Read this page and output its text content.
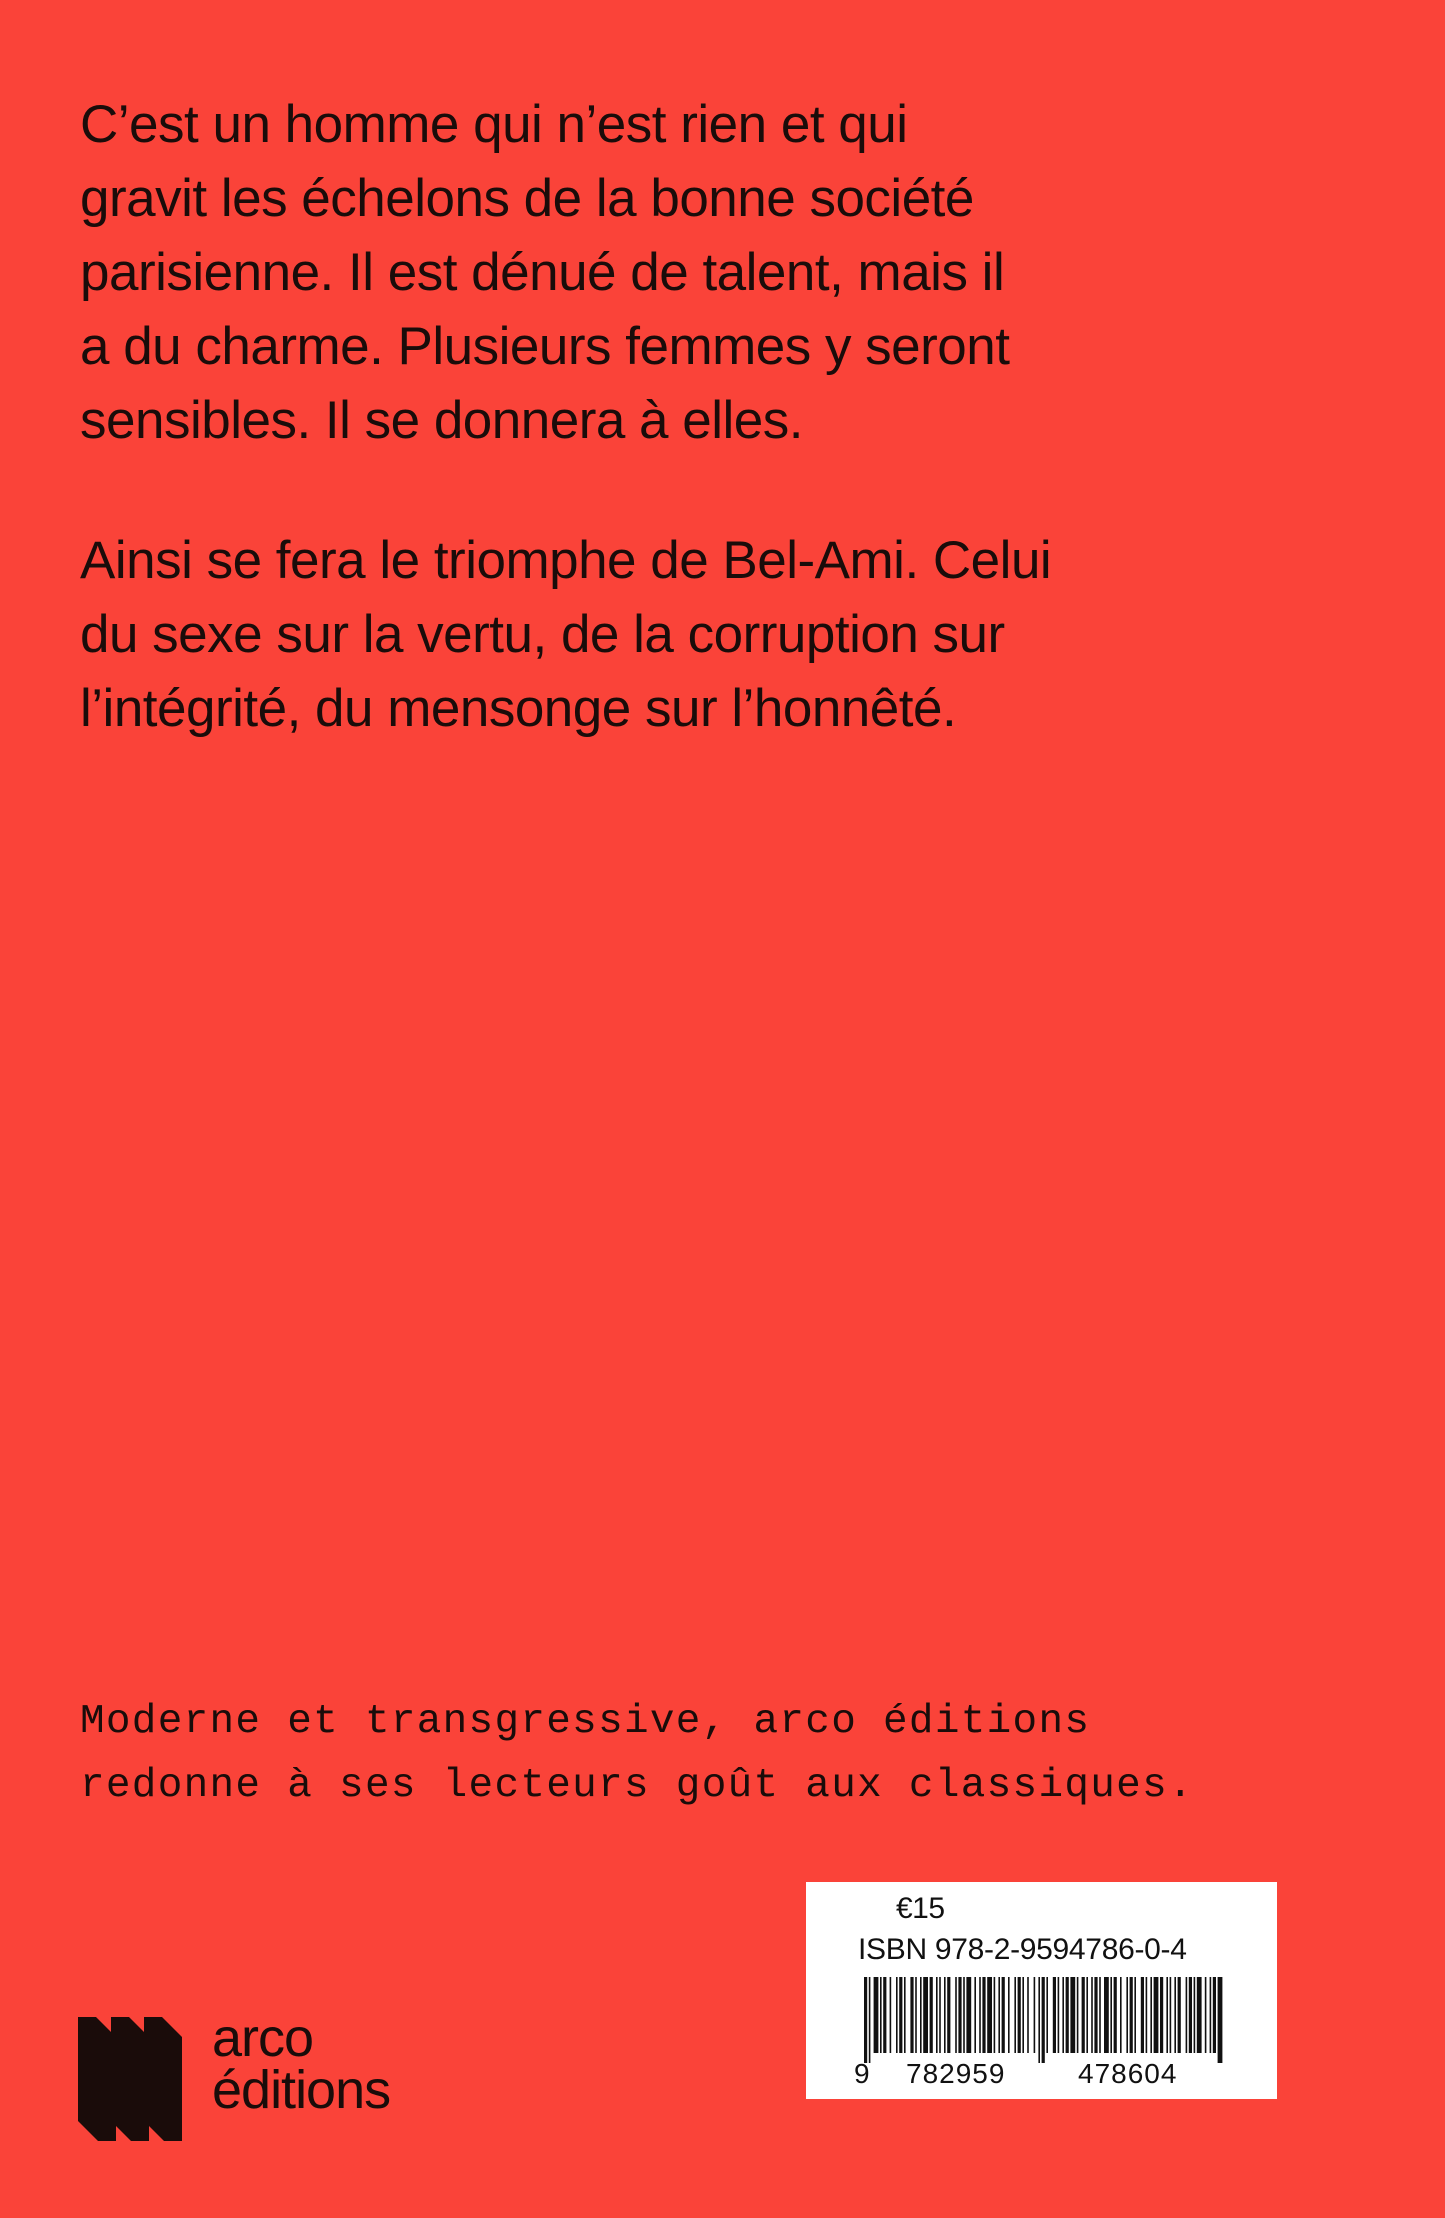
C’est un homme qui n’est rien et qui
gravit les échelons de la bonne société
parisienne. Il est dénué de talent, mais il
a du charme. Plusieurs femmes y seront
sensibles. Il se donnera à elles.

Ainsi se fera le triomphe de Bel-Ami. Celui
du sexe sur la vertu, de la corruption sur
l’intégrité, du mensonge sur l’honnêté.

Moderne et transgressive, arco éditions
redonne à ses lecteurs goût aux classiques.
arco
éditions
€15
ISBN 978-2-9594786-0-4
9 782959	478604
